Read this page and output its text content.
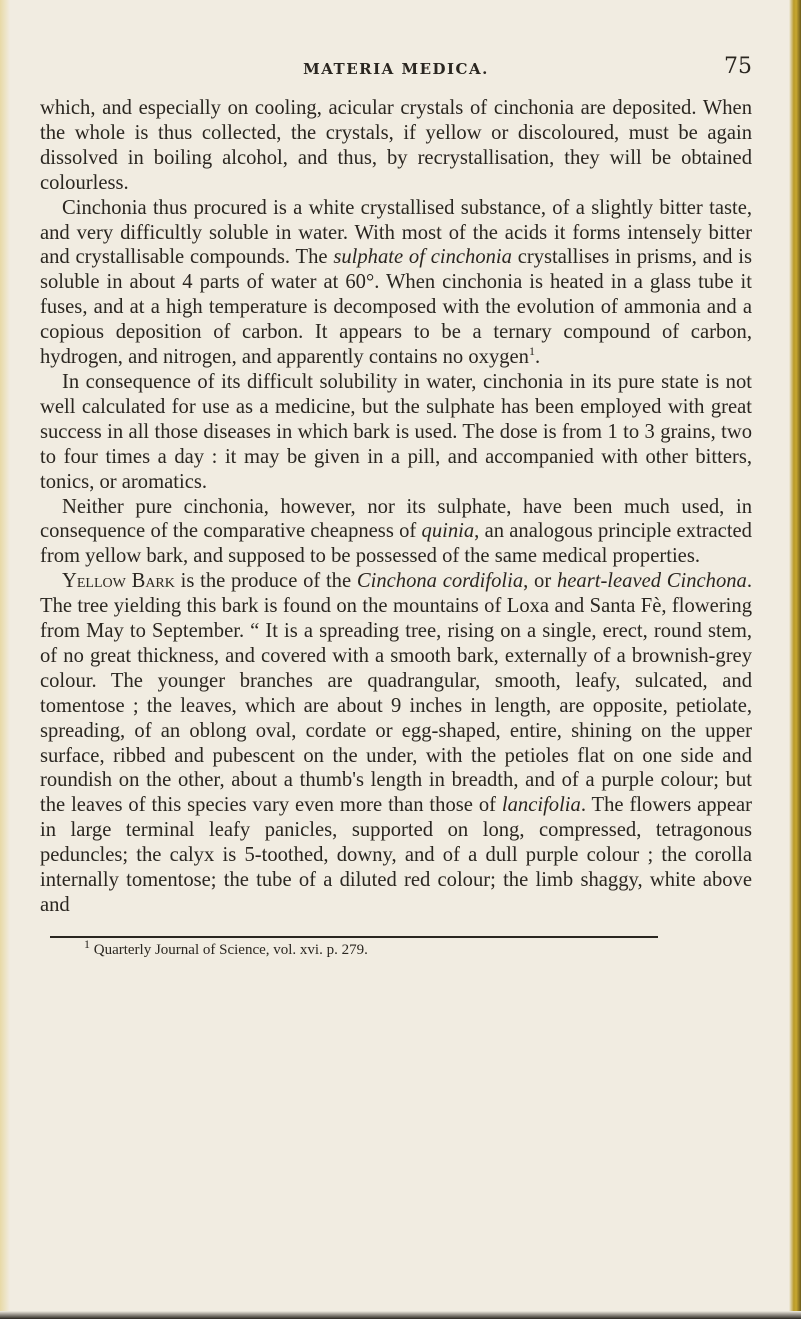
MATERIA MEDICA.	75

which, and especially on cooling, acicular crystals of cinchonia are deposited. When the whole is thus collected, the crystals, if yellow or discoloured, must be again dissolved in boiling alcohol, and thus, by recrystallisation, they will be obtained colourless.

Cinchonia thus procured is a white crystallised substance, of a slightly bitter taste, and very difficultly soluble in water. With most of the acids it forms intensely bitter and crystallisable compounds. The sulphate of cinchonia crystallises in prisms, and is soluble in about 4 parts of water at 60°. When cinchonia is heated in a glass tube it fuses, and at a high temperature is decomposed with the evolution of ammonia and a copious deposition of carbon. It appears to be a ternary compound of carbon, hydrogen, and nitrogen, and apparently contains no oxygen$^1$.

In consequence of its difficult solubility in water, cinchonia in its pure state is not well calculated for use as a medicine, but the sulphate has been employed with great success in all those diseases in which bark is used. The dose is from 1 to 3 grains, two to four times a day : it may be given in a pill, and accompanied with other bitters, tonics, or aromatics.

Neither pure cinchonia, however, nor its sulphate, have been much used, in consequence of the comparative cheapness of quinia, an analogous principle extracted from yellow bark, and supposed to be possessed of the same medical properties.

Yellow Bark is the produce of the Cinchona cordifolia, or heart-leaved Cinchona. The tree yielding this bark is found on the mountains of Loxa and Santa Fè, flowering from May to September. “ It is a spreading tree, rising on a single, erect, round stem, of no great thickness, and covered with a smooth bark, externally of a brownish-grey colour. The younger branches are quadrangular, smooth, leafy, sulcated, and tomentose ; the leaves, which are about 9 inches in length, are opposite, petiolate, spreading, of an oblong oval, cordate or egg-shaped, entire, shining on the upper surface, ribbed and pubescent on the under, with the petioles flat on one side and roundish on the other, about a thumb's length in breadth, and of a purple colour; but the leaves of this species vary even more than those of lancifolia. The flowers appear in large terminal leafy panicles, supported on long, compressed, tetragonous peduncles; the calyx is 5-toothed, downy, and of a dull purple colour ; the corolla internally tomentose; the tube of a diluted red colour; the limb shaggy, white above and

$^1$ Quarterly Journal of Science, vol. xvi. p. 279.
